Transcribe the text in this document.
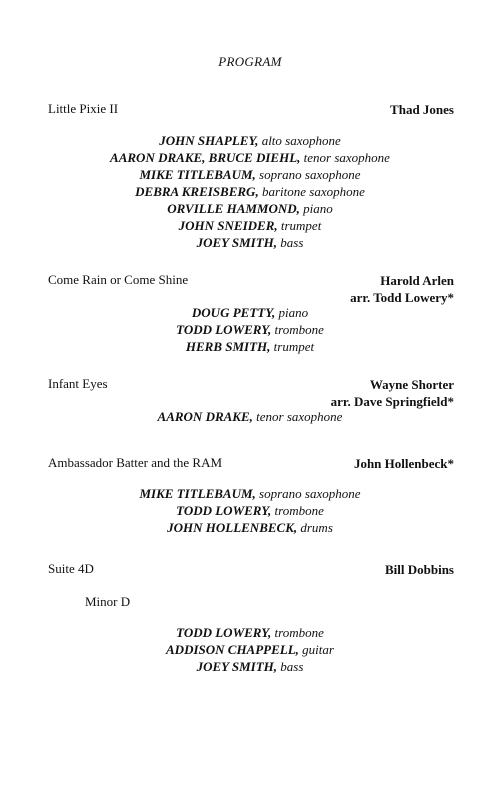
PROGRAM
Little Pixie II	Thad Jones
JOHN SHAPLEY, alto saxophone
AARON DRAKE, BRUCE DIEHL, tenor saxophone
MIKE TITLEBAUM, soprano saxophone
DEBRA KREISBERG, baritone saxophone
ORVILLE HAMMOND, piano
JOHN SNEIDER, trumpet
JOEY SMITH, bass
Come Rain or Come Shine	Harold Arlen
arr. Todd Lowery*
DOUG PETTY, piano
TODD LOWERY, trombone
HERB SMITH, trumpet
Infant Eyes	Wayne Shorter
arr. Dave Springfield*
AARON DRAKE, tenor saxophone
Ambassador Batter and the RAM	John Hollenbeck*
MIKE TITLEBAUM, soprano saxophone
TODD LOWERY, trombone
JOHN HOLLENBECK, drums
Suite 4D	Bill Dobbins
Minor D
TODD LOWERY, trombone
ADDISON CHAPPELL, guitar
JOEY SMITH, bass
